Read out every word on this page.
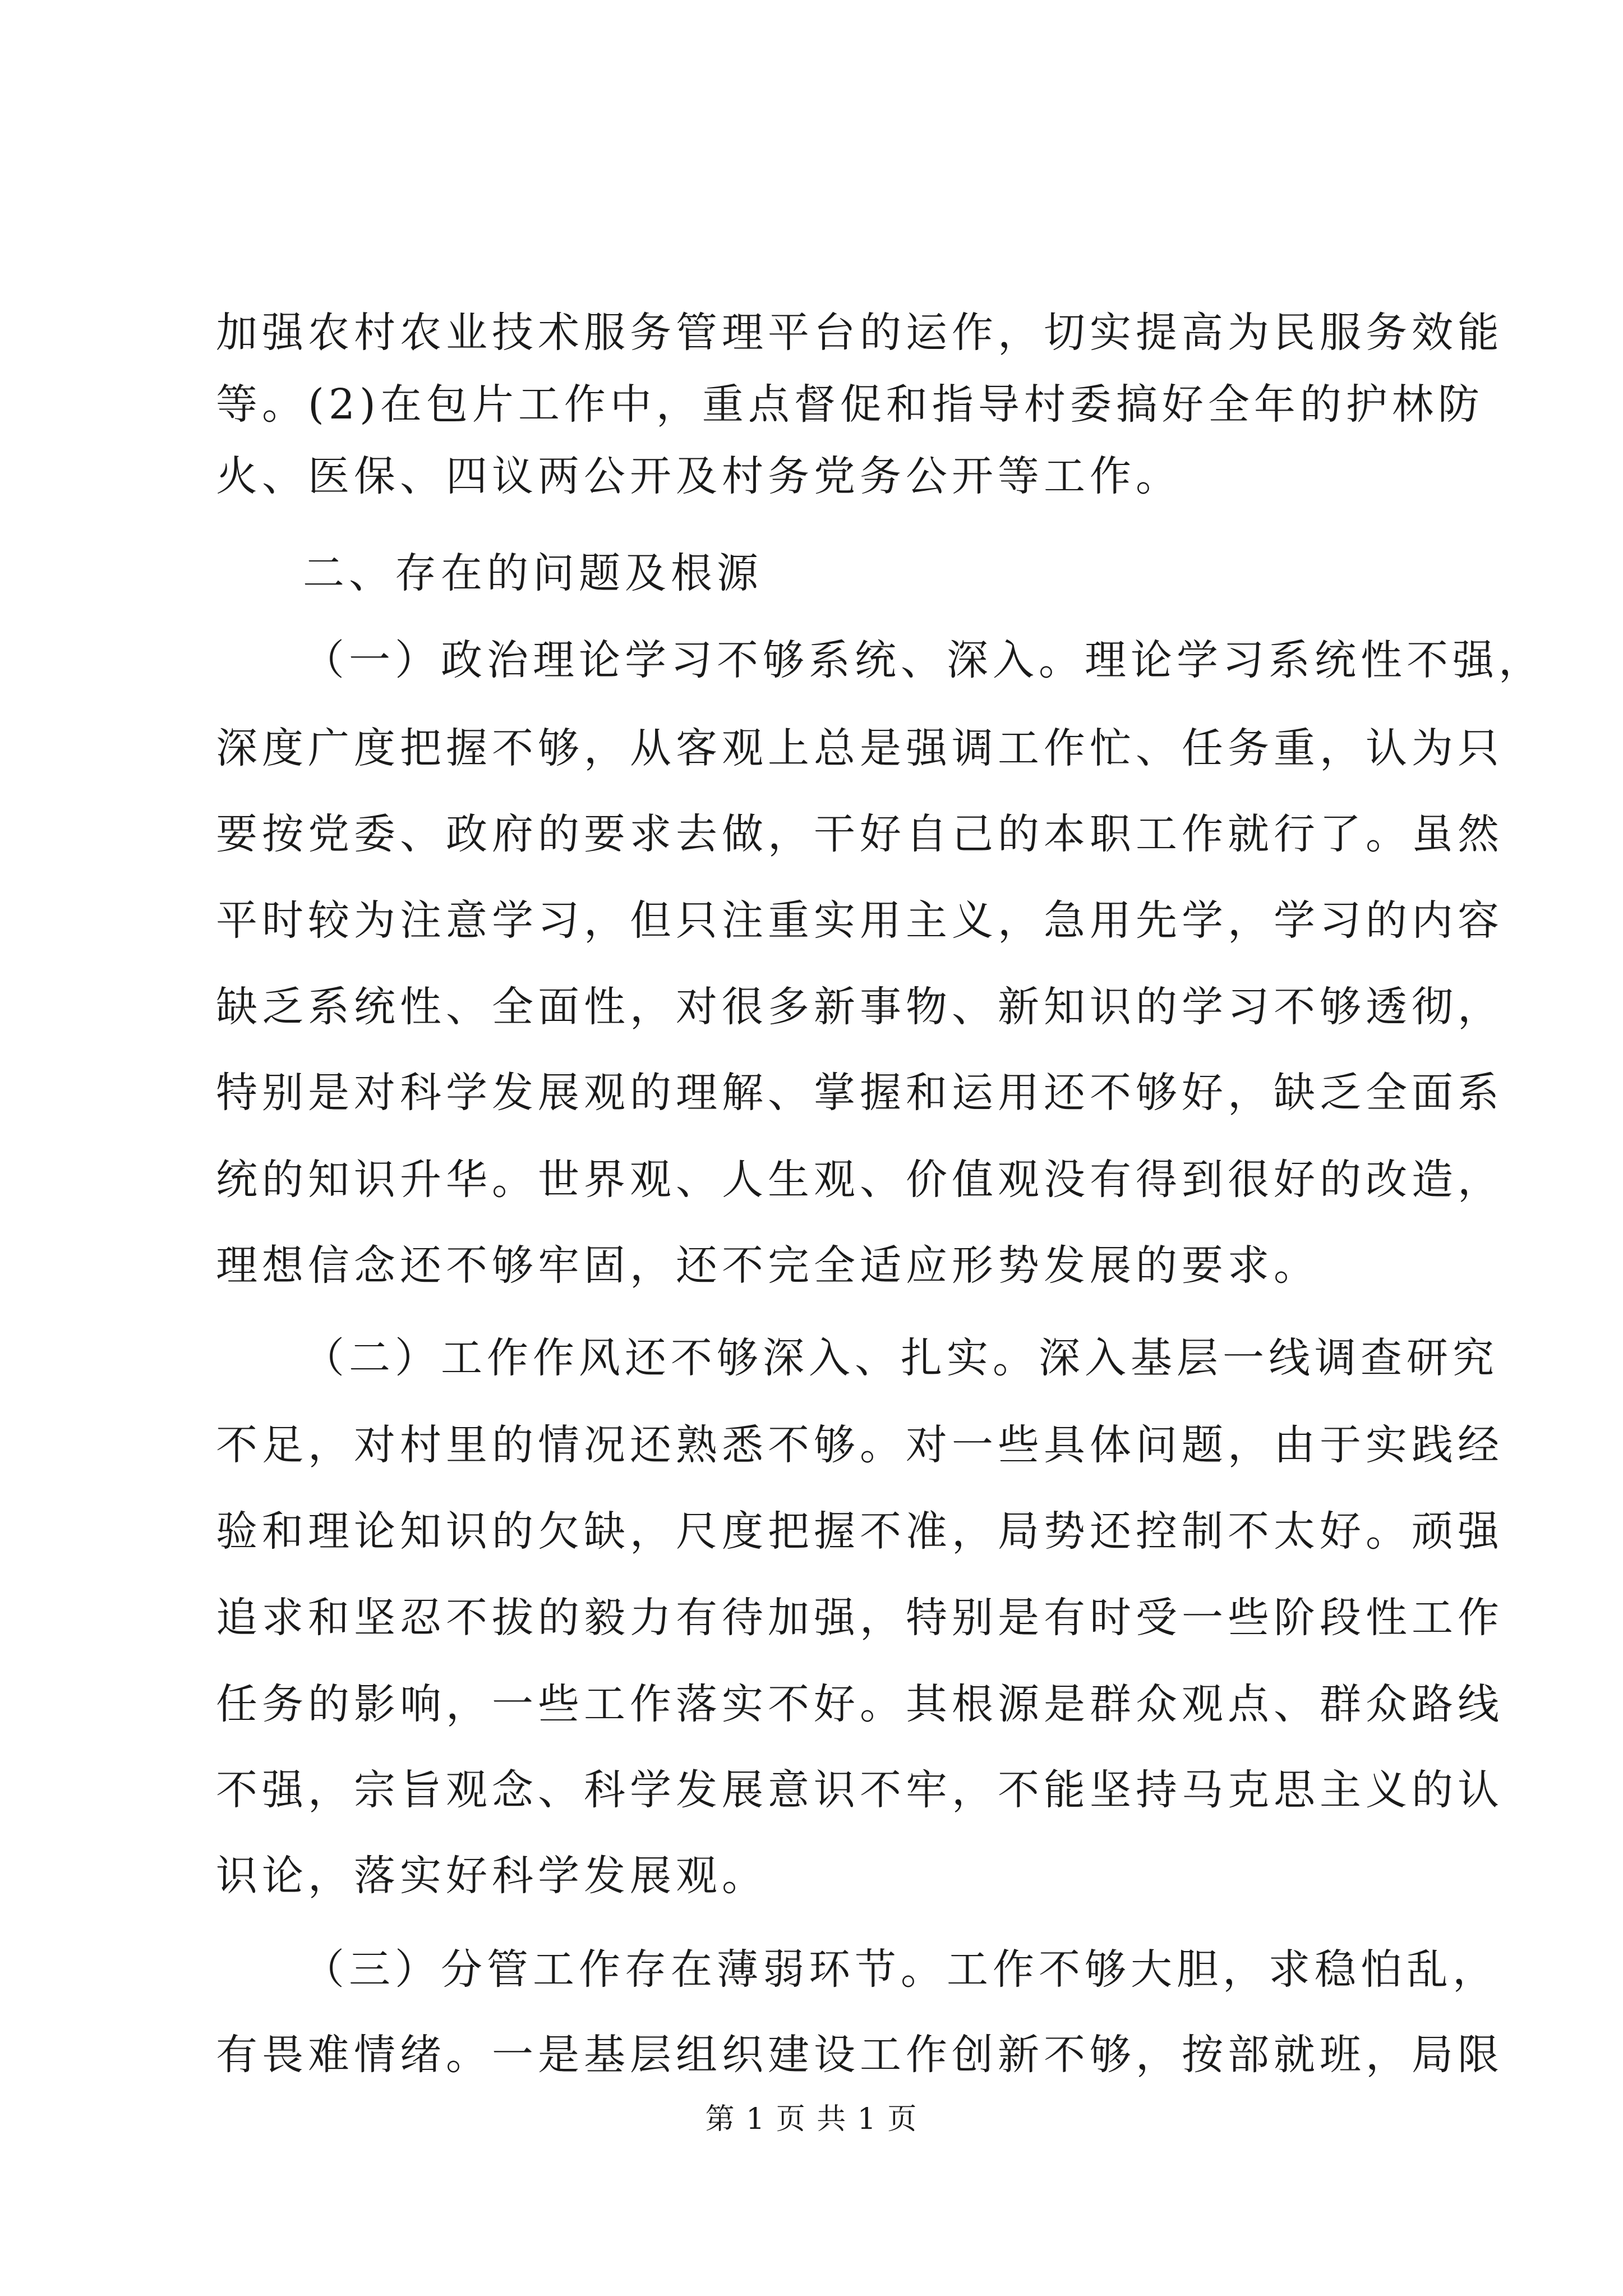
加强农村农业技术服务管理平台的运作，切实提高为民服务效能
等。(2)在包片工作中，重点督促和指导村委搞好全年的护林防
火、医保、四议两公开及村务党务公开等工作。
二、存在的问题及根源
（一）政治理论学习不够系统、深入。理论学习系统性不强，
深度广度把握不够，从客观上总是强调工作忙、任务重，认为只
要按党委、政府的要求去做，干好自己的本职工作就行了。虽然
平时较为注意学习，但只注重实用主义，急用先学，学习的内容
缺乏系统性、全面性，对很多新事物、新知识的学习不够透彻，
特别是对科学发展观的理解、掌握和运用还不够好，缺乏全面系
统的知识升华。世界观、人生观、价值观没有得到很好的改造，
理想信念还不够牢固，还不完全适应形势发展的要求。
（二）工作作风还不够深入、扎实。深入基层一线调查研究
不足，对村里的情况还熟悉不够。对一些具体问题，由于实践经
验和理论知识的欠缺，尺度把握不准，局势还控制不太好。顽强
追求和坚忍不拔的毅力有待加强，特别是有时受一些阶段性工作
任务的影响，一些工作落实不好。其根源是群众观点、群众路线
不强，宗旨观念、科学发展意识不牢，不能坚持马克思主义的认
识论，落实好科学发展观。
（三）分管工作存在薄弱环节。工作不够大胆，求稳怕乱，
有畏难情绪。一是基层组织建设工作创新不够，按部就班，局限
第 1 页 共 1 页
